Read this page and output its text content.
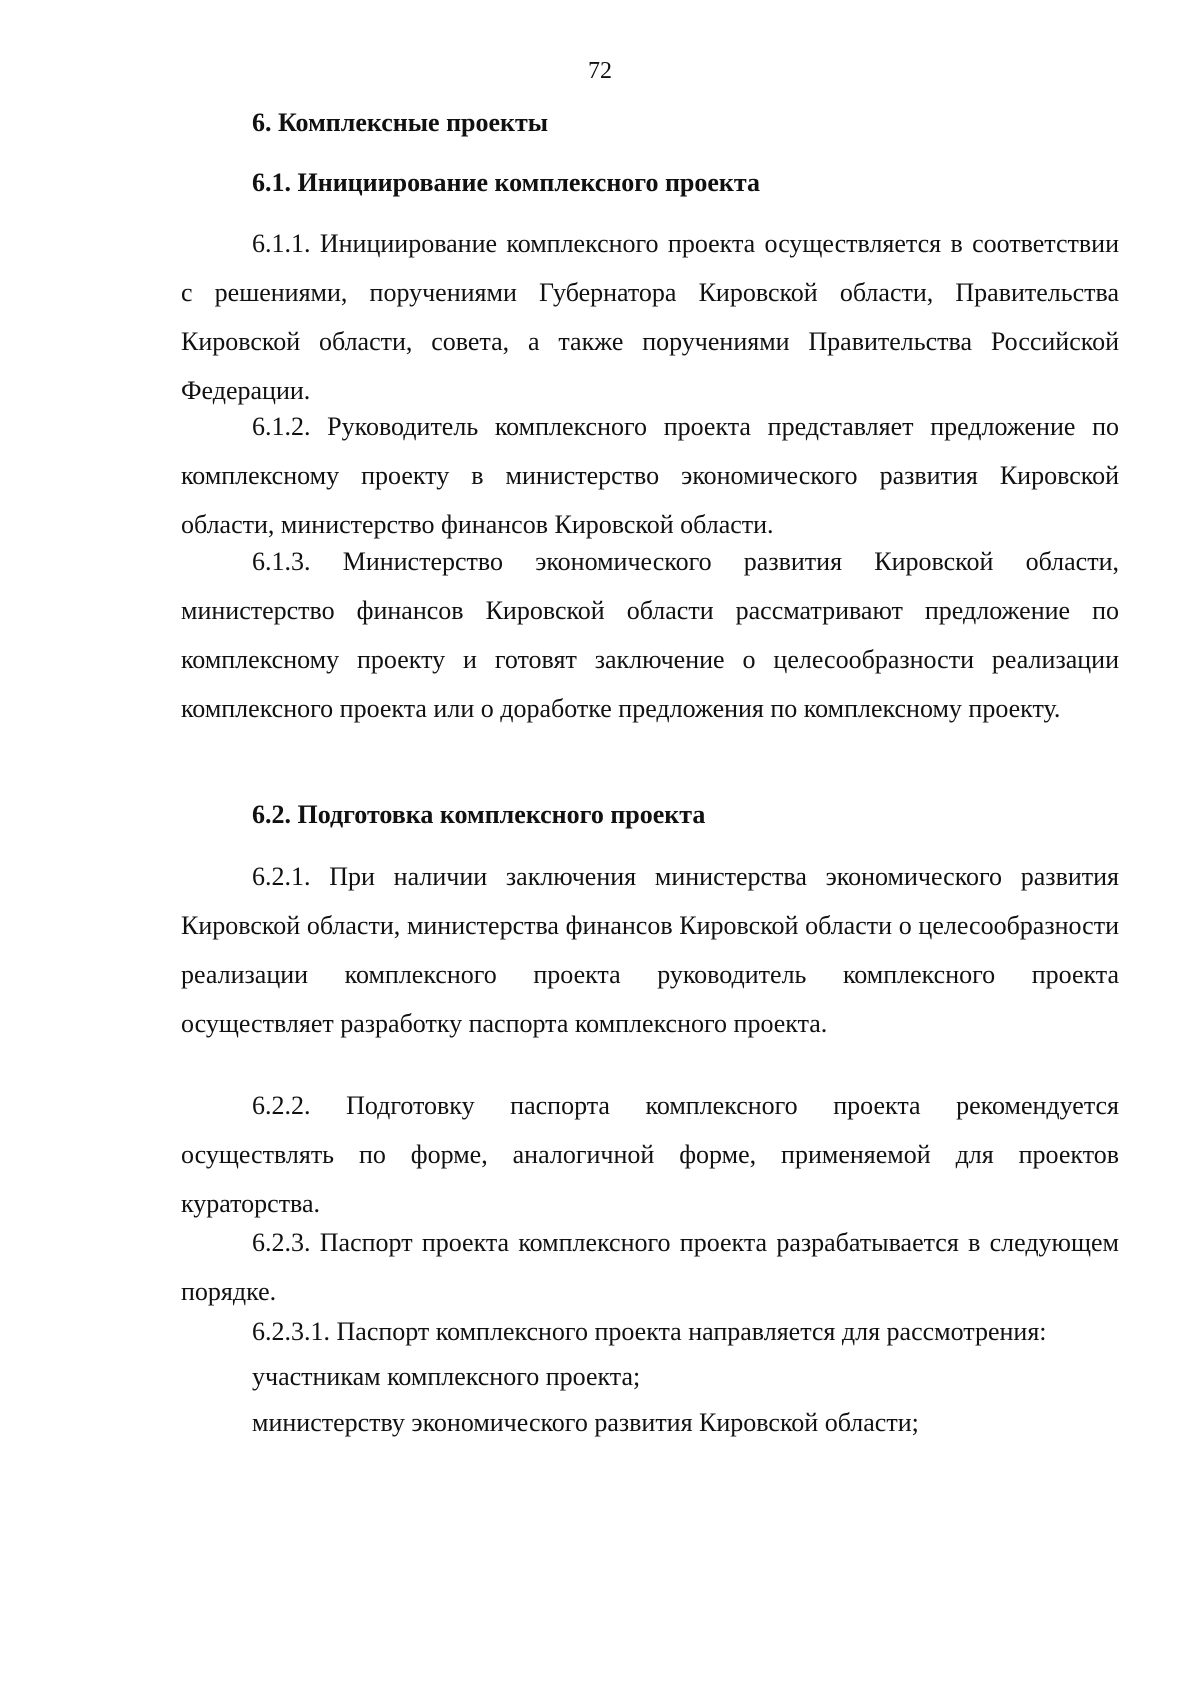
72
6. Комплексные проекты
6.1. Инициирование комплексного проекта

6.1.1. Инициирование комплексного проекта осуществляется в соответствии с решениями, поручениями Губернатора Кировской области, Правительства Кировской области, совета, а также поручениями Правительства Российской Федерации.

6.1.2. Руководитель комплексного проекта представляет предложение по комплексному проекту в министерство экономического развития Кировской области, министерство финансов Кировской области.

6.1.3. Министерство экономического развития Кировской области, министерство финансов Кировской области рассматривают предложение по комплексному проекту и готовят заключение о целесообразности реализации комплексного проекта или о доработке предложения по комплексному проекту.

6.2. Подготовка комплексного проекта

6.2.1. При наличии заключения министерства экономического развития Кировской области, министерства финансов Кировской области о целесообразности реализации комплексного проекта руководитель комплексного проекта осуществляет разработку паспорта комплексного проекта.

6.2.2. Подготовку паспорта комплексного проекта рекомендуется осуществлять по форме, аналогичной форме, применяемой для проектов кураторства.

6.2.3. Паспорт проекта комплексного проекта разрабатывается в следующем порядке.

6.2.3.1. Паспорт комплексного проекта направляется для рассмотрения:
участникам комплексного проекта;
министерству экономического развития Кировской области;
